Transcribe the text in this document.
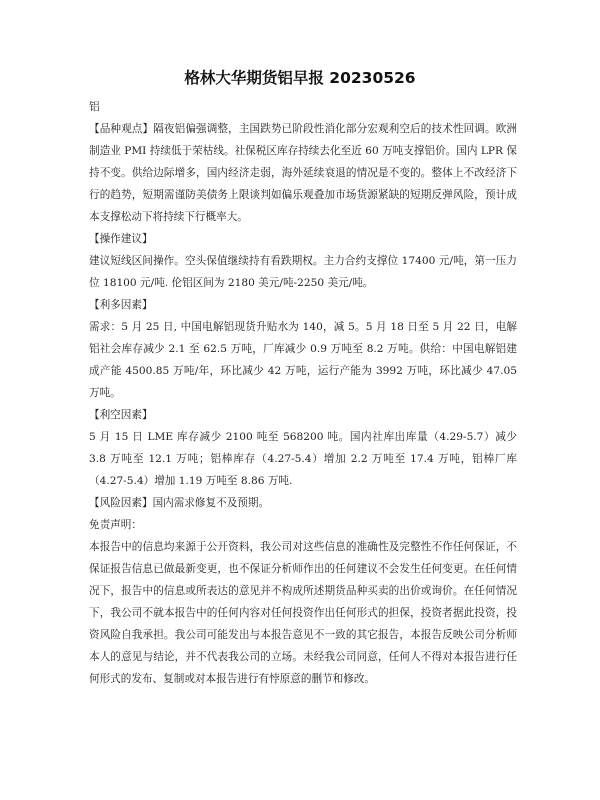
格林大华期货铝早报 20230526

铝

【品种观点】隔夜铝偏强调整，主国跌势已阶段性消化部分宏观利空后的技术性回调。欧洲制造业 PMI 持续低于荣枯线。社保税区库存持续去化至近 60 万吨支撑铝价。国内 LPR 保持不变。供给边际增多，国内经济走弱，海外延续衰退的情况是不变的。整体上不改经济下行的趋势，短期需谨防美债务上限谈判如偏乐观叠加市场货源紧缺的短期反弹风险，预计成本支撑松动下将持续下行概率大。

【操作建议】

建议短线区间操作。空头保值继续持有看跌期权。主力合约支撑位 17400 元/吨，第一压力位 18100 元/吨. 伦铝区间为 2180 美元/吨-2250 美元/吨。

【利多因素】

需求：5 月 25 日, 中国电解铝现货升贴水为 140，减 5。5 月 18 日至 5 月 22 日，电解铝社会库存减少 2.1 至 62.5 万吨，厂库减少 0.9 万吨至 8.2 万吨。供给：中国电解铝建成产能 4500.85 万吨/年，环比减少 42 万吨，运行产能为 3992 万吨，环比减少 47.05 万吨。

【利空因素】

5 月 15 日 LME 库存减少 2100 吨至 568200 吨。国内社库出库量（4.29-5.7）减少 3.8 万吨至 12.1 万吨；铝棒库存（4.27-5.4）增加 2.2 万吨至 17.4 万吨，铝棒厂库（4.27-5.4）增加 1.19 万吨至 8.86 万吨.

【风险因素】国内需求修复不及预期。

免责声明：

本报告中的信息均来源于公开资料，我公司对这些信息的准确性及完整性不作任何保证，不保证报告信息已做最新变更，也不保证分析师作出的任何建议不会发生任何变更。在任何情况下，报告中的信息或所表达的意见并不构成所述期货品种买卖的出价或询价。在任何情况下，我公司不就本报告中的任何内容对任何投资作出任何形式的担保，投资者据此投资，投资风险自我承担。我公司可能发出与本报告意见不一致的其它报告，本报告反映公司分析师本人的意见与结论，并不代表我公司的立场。未经我公司同意，任何人不得对本报告进行任何形式的发布、复制或对本报告进行有悖原意的删节和修改。
